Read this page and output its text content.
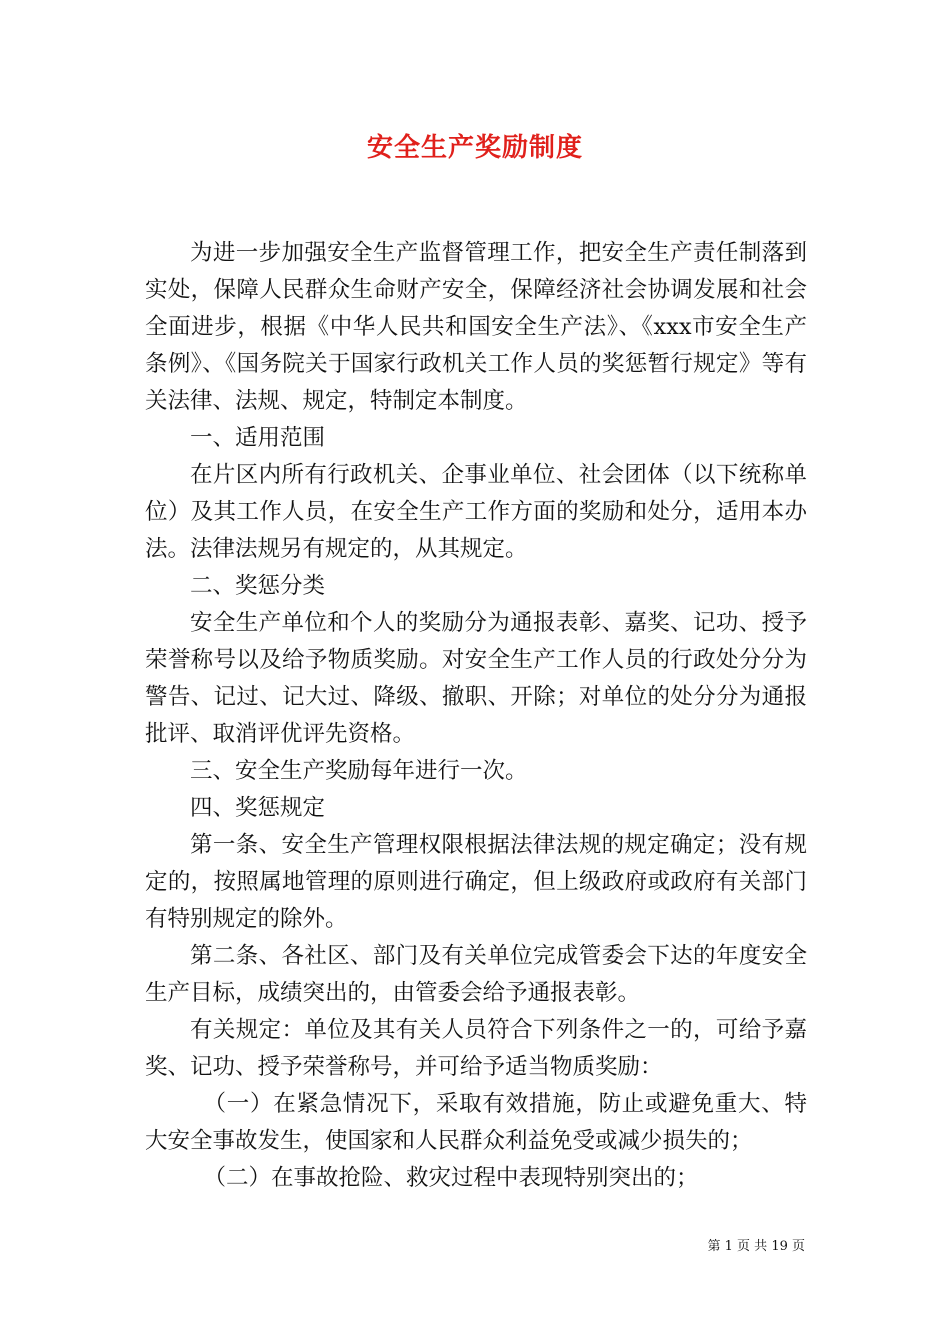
安全生产奖励制度

为进一步加强安全生产监督管理工作，把安全生产责任制落到实处，保障人民群众生命财产安全，保障经济社会协调发展和社会全面进步，根据《中华人民共和国安全生产法》、《xxx市安全生产条例》、《国务院关于国家行政机关工作人员的奖惩暂行规定》等有关法律、法规、规定，特制定本制度。

一、适用范围

在片区内所有行政机关、企事业单位、社会团体（以下统称单位）及其工作人员，在安全生产工作方面的奖励和处分，适用本办法。法律法规另有规定的，从其规定。

二、奖惩分类

安全生产单位和个人的奖励分为通报表彰、嘉奖、记功、授予荣誉称号以及给予物质奖励。对安全生产工作人员的行政处分分为警告、记过、记大过、降级、撤职、开除；对单位的处分分为通报批评、取消评优评先资格。

三、安全生产奖励每年进行一次。

四、奖惩规定

第一条、安全生产管理权限根据法律法规的规定确定；没有规定的，按照属地管理的原则进行确定，但上级政府或政府有关部门有特别规定的除外。

第二条、各社区、部门及有关单位完成管委会下达的年度安全生产目标，成绩突出的，由管委会给予通报表彰。

有关规定：单位及其有关人员符合下列条件之一的，可给予嘉奖、记功、授予荣誉称号，并可给予适当物质奖励：

（一）在紧急情况下，采取有效措施，防止或避免重大、特大安全事故发生，使国家和人民群众利益免受或减少损失的；

（二）在事故抢险、救灾过程中表现特别突出的；

第 1 页 共 19 页
